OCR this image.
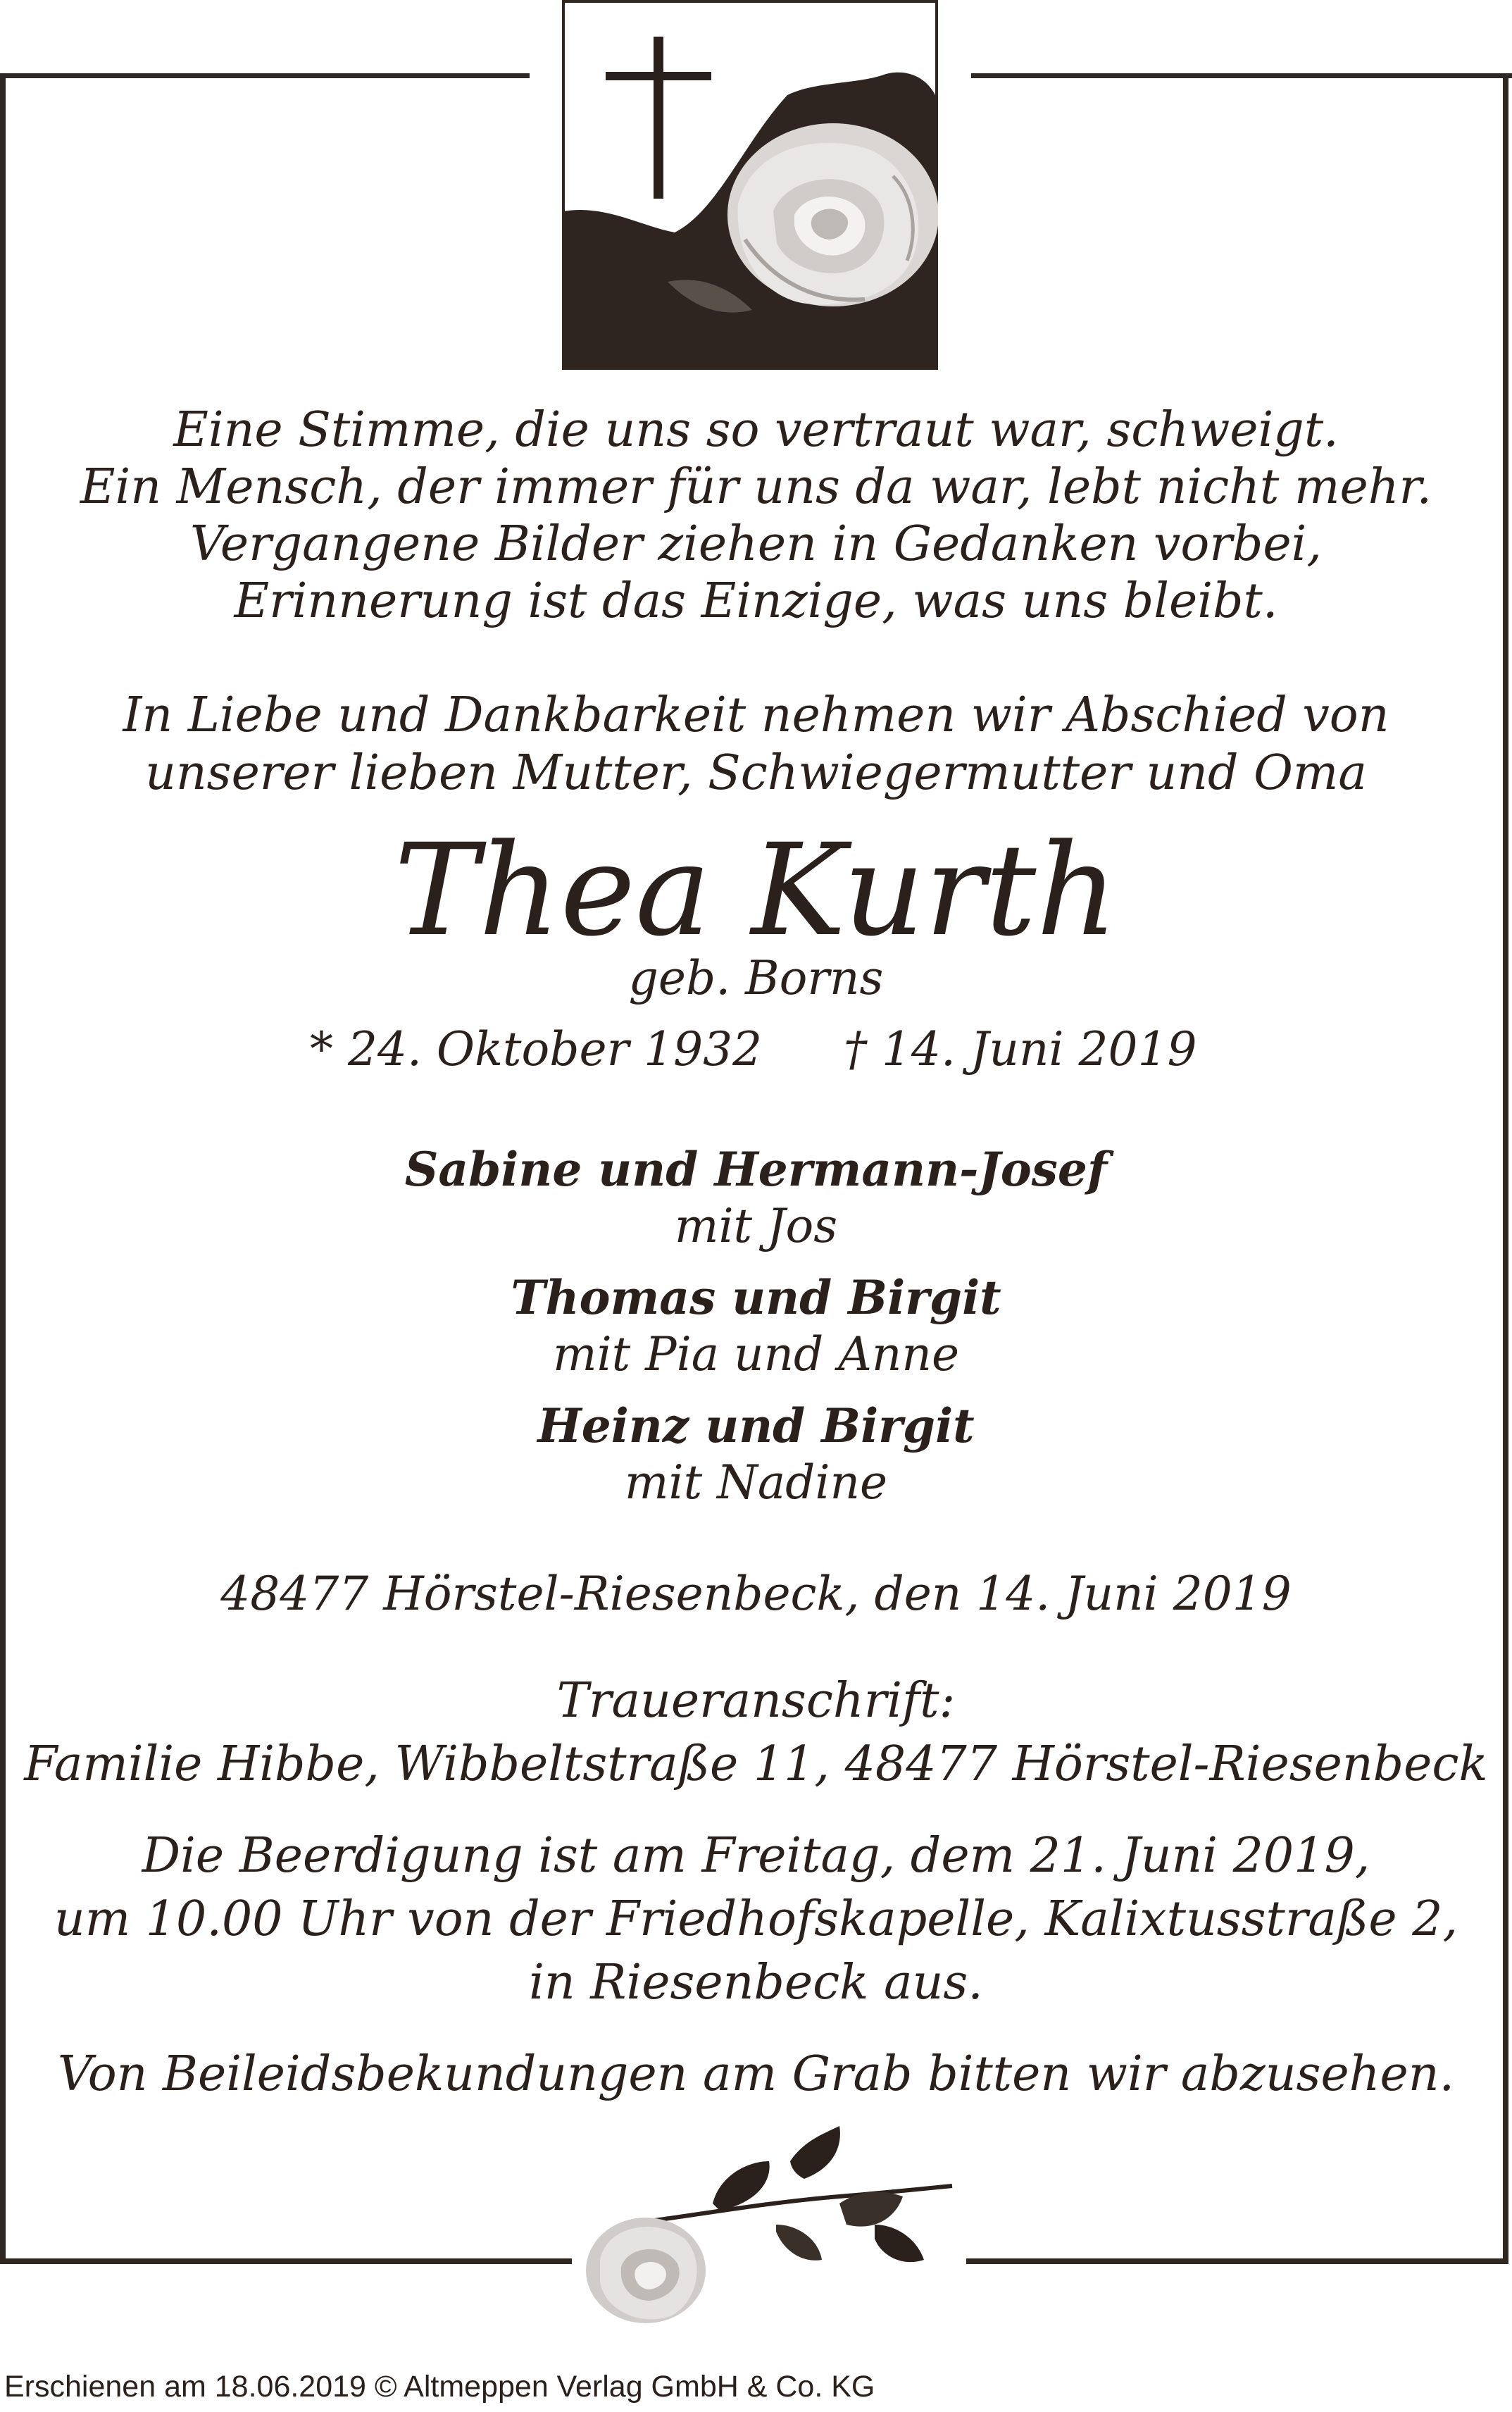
Eine Stimme, die uns so vertraut war, schweigt.
Ein Mensch, der immer für uns da war, lebt nicht mehr.
Vergangene Bilder ziehen in Gedanken vorbei,
Erinnerung ist das Einzige, was uns bleibt.
In Liebe und Dankbarkeit nehmen wir Abschied von
unserer lieben Mutter, Schwiegermutter und Oma
Thea Kurth
geb. Borns
* 24. Oktober 1932 † 14. Juni 2019
Sabine und Hermann-Josef
mit Jos
Thomas und Birgit
mit Pia und Anne
Heinz und Birgit
mit Nadine
48477 Hörstel-Riesenbeck, den 14. Juni 2019
Traueranschrift:
Familie Hibbe, Wibbeltstraße 11, 48477 Hörstel-Riesenbeck
Die Beerdigung ist am Freitag, dem 21. Juni 2019,
um 10.00 Uhr von der Friedhofskapelle, Kalixtusstraße 2,
in Riesenbeck aus.
Von Beileidsbekundungen am Grab bitten wir abzusehen.
Erschienen am 18.06.2019 © Altmeppen Verlag GmbH & Co. KG
